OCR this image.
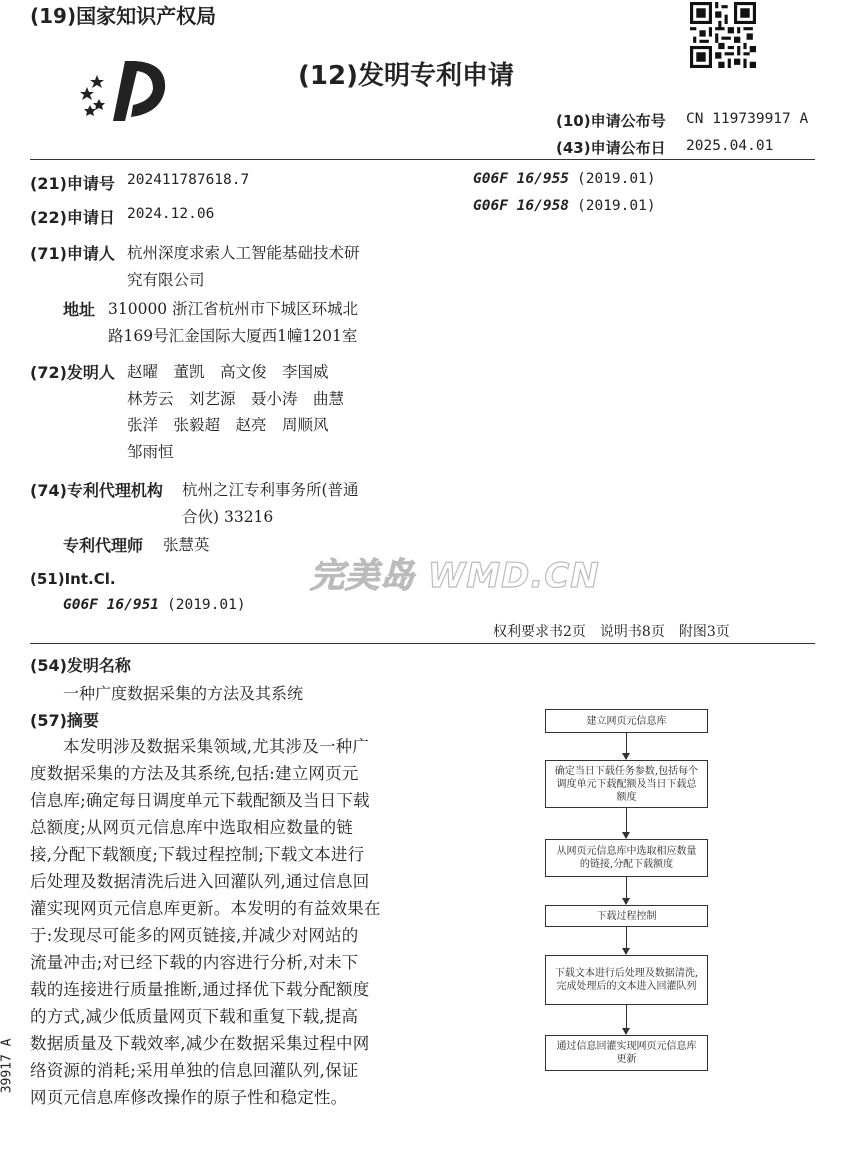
(19)国家知识产权局
(12)发明专利申请
(10)申请公布号 CN 119739917 A
(43)申请公布日 2025.04.01
(21)申请号 202411787618.7
(22)申请日 2024.12.06
(71)申请人 杭州深度求索人工智能基础技术研
究有限公司
地址 310000 浙江省杭州市下城区环城北
路169号汇金国际大厦西1幢1201室
(72)发明人 赵曜　董凯　高文俊　李国威
林芳云　刘艺源　聂小涛　曲慧
张洋　张毅超　赵亮　周顺风
邹雨恒
(74)专利代理机构 杭州之江专利事务所(普通
合伙) 33216
专利代理师 张慧英
(51)Int.Cl.
G06F 16/951 (2019.01)
G06F 16/955 (2019.01)
G06F 16/958 (2019.01)
完美岛 WMD.CN
权利要求书2页　说明书8页　附图3页
(54)发明名称
一种广度数据采集的方法及其系统
(57)摘要
本发明涉及数据采集领域,尤其涉及一种广
度数据采集的方法及其系统,包括:建立网页元
信息库;确定每日调度单元下载配额及当日下载
总额度;从网页元信息库中选取相应数量的链
接,分配下载额度;下载过程控制;下载文本进行
后处理及数据清洗后进入回灌队列,通过信息回
灌实现网页元信息库更新。本发明的有益效果在
于:发现尽可能多的网页链接,并减少对网站的
流量冲击;对已经下载的内容进行分析,对未下
载的连接进行质量推断,通过择优下载分配额度
的方式,减少低质量网页下载和重复下载,提高
数据质量及下载效率,减少在数据采集过程中网
络资源的消耗;采用单独的信息回灌队列,保证
网页元信息库修改操作的原子性和稳定性。
39917 A
建立网页元信息库
确定当日下载任务参数,包括每个调度单元下载配额及当日下载总额度
从网页元信息库中选取相应数量的链接,分配下载额度
下载过程控制
下载文本进行后处理及数据清洗,完成处理后的文本进入回灌队列
通过信息回灌实现网页元信息库更新
